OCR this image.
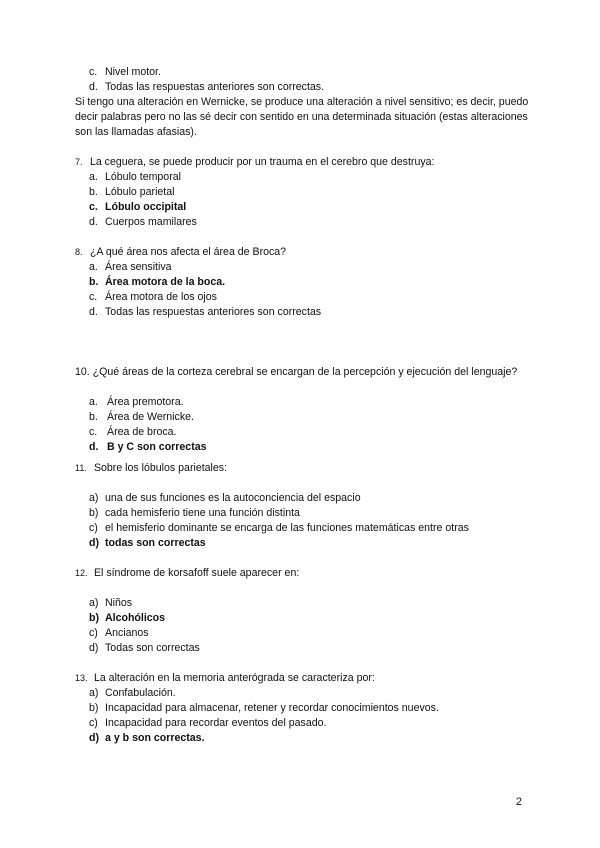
c. Nivel motor.
d. Todas las respuestas anteriores son correctas.
Si tengo una alteración en Wernicke, se produce una alteración a nivel sensitivo; es decir, puedo decir palabras pero no las sé decir con sentido en una determinada situación (estas alteraciones son las llamadas afasias).
7. La ceguera, se puede producir por un trauma en el cerebro que destruya:
a. Lóbulo temporal
b. Lóbulo parietal
c. Lóbulo occipital
d. Cuerpos mamilares
8. ¿A qué área nos afecta el área de Broca?
a. Área sensitiva
b. Área motora de la boca.
c. Área motora de los ojos
d. Todas las respuestas anteriores son correctas
10. ¿Qué áreas de la corteza cerebral se encargan de la percepción y ejecución del lenguaje?
a. Área premotora.
b. Área de Wernicke.
c. Área de broca.
d. B y C son correctas
11. Sobre los lóbulos parietales:
a) una de sus funciones es la autoconciencia del espacio
b) cada hemisferio tiene una función distinta
c) el hemisferio dominante se encarga de las funciones matemáticas entre otras
d) todas son correctas
12. El síndrome de korsafoff suele aparecer en:
a) Niños
b) Alcohólicos
c) Ancianos
d) Todas son correctas
13. La alteración en la memoria anterógrada se caracteriza por:
a) Confabulación.
b) Incapacidad para almacenar, retener y recordar conocimientos nuevos.
c) Incapacidad para recordar eventos del pasado.
d) a y b son correctas.
2
